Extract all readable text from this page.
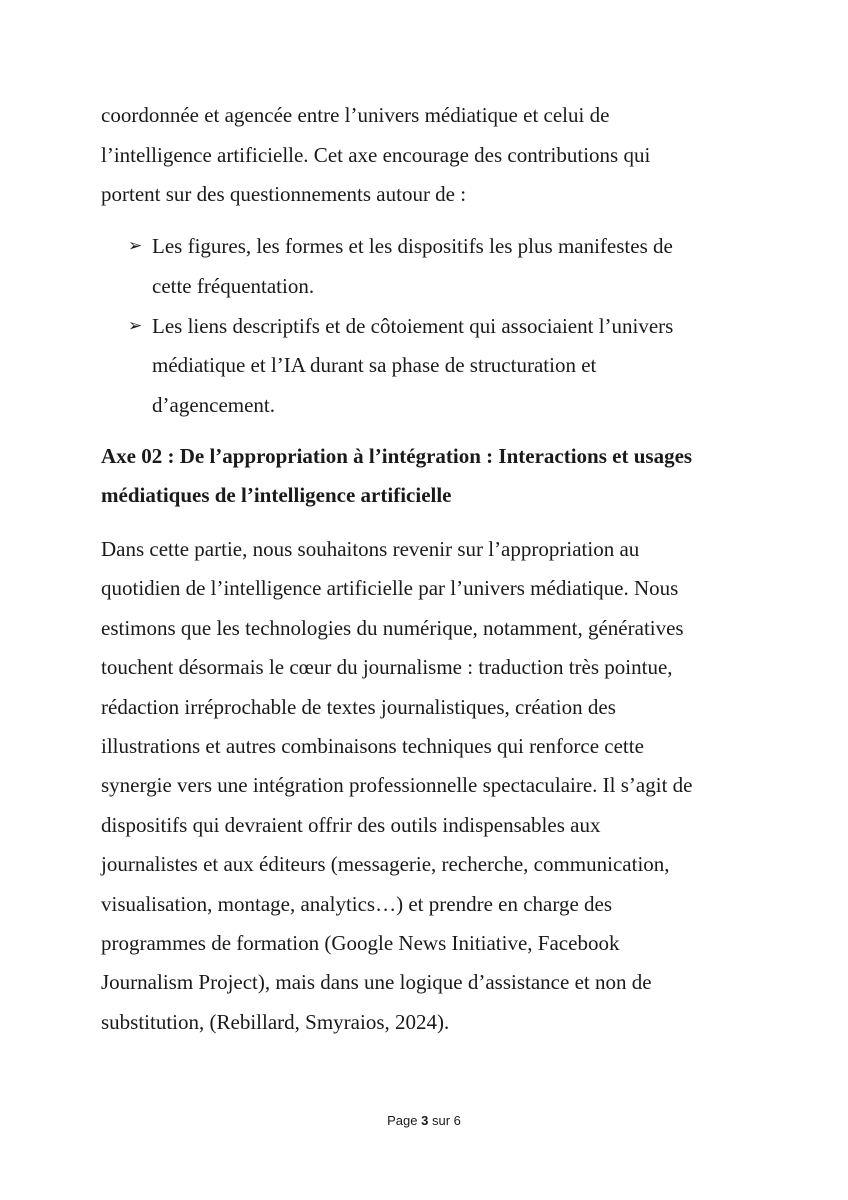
coordonnée et agencée entre l’univers médiatique et celui de
l’intelligence artificielle. Cet axe encourage des contributions qui
portent sur des questionnements autour de :
➢ Les figures, les formes et les dispositifs les plus manifestes de
cette fréquentation.
➢ Les liens descriptifs et de côtoiement qui associaient l’univers
médiatique et l’IA durant sa phase de structuration et
d’agencement.
Axe 02 : De l’appropriation à l’intégration : Interactions et usages
médiatiques de l’intelligence artificielle
Dans cette partie, nous souhaitons revenir sur l’appropriation au
quotidien de l’intelligence artificielle par l’univers médiatique. Nous
estimons que les technologies du numérique, notamment, génératives
touchent désormais le cœur du journalisme : traduction très pointue,
rédaction irréprochable de textes journalistiques, création des
illustrations et autres combinaisons techniques qui renforce cette
synergie vers une intégration professionnelle spectaculaire. Il s’agit de
dispositifs qui devraient offrir des outils indispensables aux
journalistes et aux éditeurs (messagerie, recherche, communication,
visualisation, montage, analytics…) et prendre en charge des
programmes de formation (Google News Initiative, Facebook
Journalism Project), mais dans une logique d’assistance et non de
substitution, (Rebillard, Smyraios, 2024).
Page 3 sur 6
